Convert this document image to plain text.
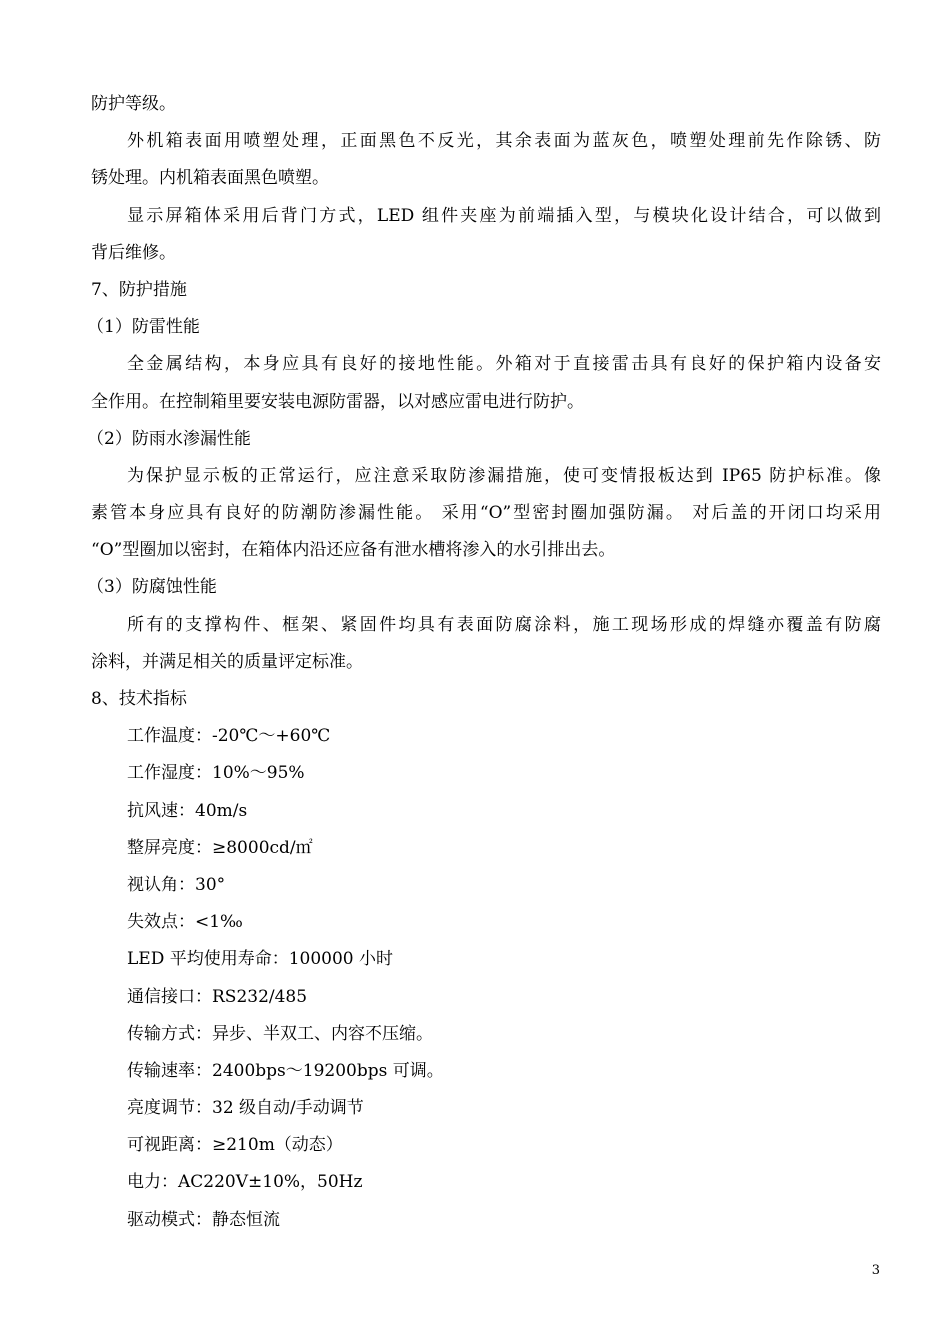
防护等级。
外机箱表面用喷塑处理，正面黑色不反光，其余表面为蓝灰色，喷塑处理前先作除锈、防
锈处理。内机箱表面黑色喷塑。
显示屏箱体采用后背门方式，LED 组件夹座为前端插入型，与模块化设计结合，可以做到
背后维修。
7、防护措施
（1）防雷性能
全金属结构，本身应具有良好的接地性能。外箱对于直接雷击具有良好的保护箱内设备安
全作用。在控制箱里要安装电源防雷器，以对感应雷电进行防护。
（2）防雨水渗漏性能
为保护显示板的正常运行，应注意采取防渗漏措施，使可变情报板达到 IP65 防护标准。像
素管本身应具有良好的防潮防渗漏性能。 采用“O”型密封圈加强防漏。 对后盖的开闭口均采用
“O”型圈加以密封，在箱体内沿还应备有泄水槽将渗入的水引排出去。
（3）防腐蚀性能
所有的支撑构件、框架、紧固件均具有表面防腐涂料，施工现场形成的焊缝亦覆盖有防腐
涂料，并满足相关的质量评定标准。
8、技术指标
工作温度：-20℃～+60℃
工作湿度：10%～95%
抗风速：40m/s
整屏亮度：≥8000cd/㎡
视认角：30°
失效点：<1‰
LED 平均使用寿命：100000 小时
通信接口：RS232/485
传输方式：异步、半双工、内容不压缩。
传输速率：2400bps～19200bps 可调。
亮度调节：32 级自动/手动调节
可视距离：≥210m（动态）
电力：AC220V±10%，50Hz
驱动模式：静态恒流
3
